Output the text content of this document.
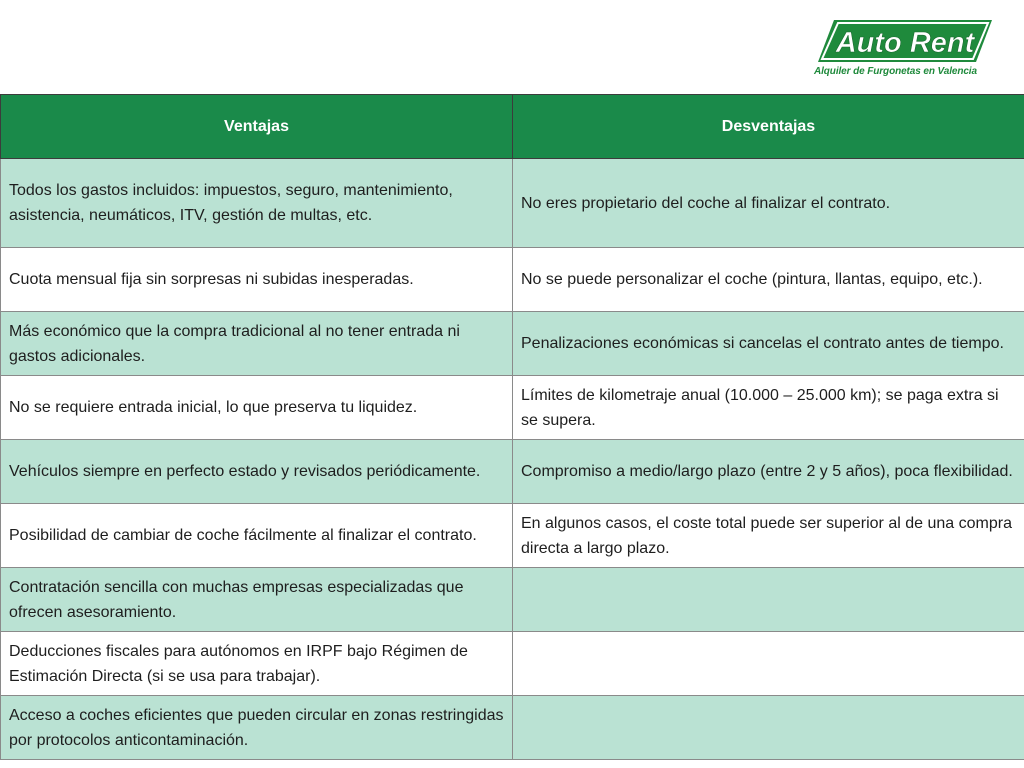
Auto Rent
Alquiler de Furgonetas en Valencia
Ventajas	Desventajas
Todos los gastos incluidos: impuestos, seguro, mantenimiento, asistencia, neumáticos, ITV, gestión de multas, etc.	No eres propietario del coche al finalizar el contrato.
Cuota mensual fija sin sorpresas ni subidas inesperadas.	No se puede personalizar el coche (pintura, llantas, equipo, etc.).
Más económico que la compra tradicional al no tener entrada ni gastos adicionales.	Penalizaciones económicas si cancelas el contrato antes de tiempo.
No se requiere entrada inicial, lo que preserva tu liquidez.	Límites de kilometraje anual (10.000 – 25.000 km); se paga extra si se supera.
Vehículos siempre en perfecto estado y revisados periódicamente.	Compromiso a medio/largo plazo (entre 2 y 5 años), poca flexibilidad.
Posibilidad de cambiar de coche fácilmente al finalizar el contrato.	En algunos casos, el coste total puede ser superior al de una compra directa a largo plazo.
Contratación sencilla con muchas empresas especializadas que ofrecen asesoramiento.	
Deducciones fiscales para autónomos en IRPF bajo Régimen de Estimación Directa (si se usa para trabajar).	
Acceso a coches eficientes que pueden circular en zonas restringidas por protocolos anticontaminación.	
